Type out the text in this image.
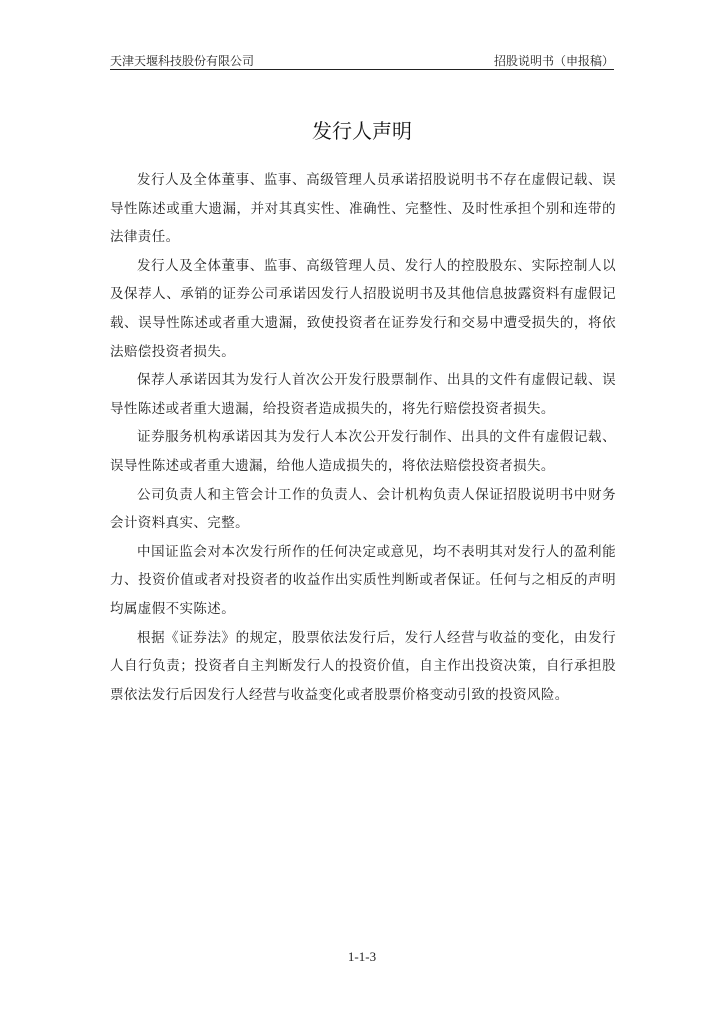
天津天堰科技股份有限公司	招股说明书（申报稿）
发行人声明

发行人及全体董事、监事、高级管理人员承诺招股说明书不存在虚假记载、误导性陈述或重大遗漏，并对其真实性、准确性、完整性、及时性承担个别和连带的法律责任。

发行人及全体董事、监事、高级管理人员、发行人的控股股东、实际控制人以及保荐人、承销的证券公司承诺因发行人招股说明书及其他信息披露资料有虚假记载、误导性陈述或者重大遗漏，致使投资者在证券发行和交易中遭受损失的，将依法赔偿投资者损失。

保荐人承诺因其为发行人首次公开发行股票制作、出具的文件有虚假记载、误导性陈述或者重大遗漏，给投资者造成损失的，将先行赔偿投资者损失。

证券服务机构承诺因其为发行人本次公开发行制作、出具的文件有虚假记载、误导性陈述或者重大遗漏，给他人造成损失的，将依法赔偿投资者损失。

公司负责人和主管会计工作的负责人、会计机构负责人保证招股说明书中财务会计资料真实、完整。

中国证监会对本次发行所作的任何决定或意见，均不表明其对发行人的盈利能力、投资价值或者对投资者的收益作出实质性判断或者保证。任何与之相反的声明均属虚假不实陈述。

根据《证券法》的规定，股票依法发行后，发行人经营与收益的变化，由发行人自行负责；投资者自主判断发行人的投资价值，自主作出投资决策，自行承担股票依法发行后因发行人经营与收益变化或者股票价格变动引致的投资风险。

1-1-3
